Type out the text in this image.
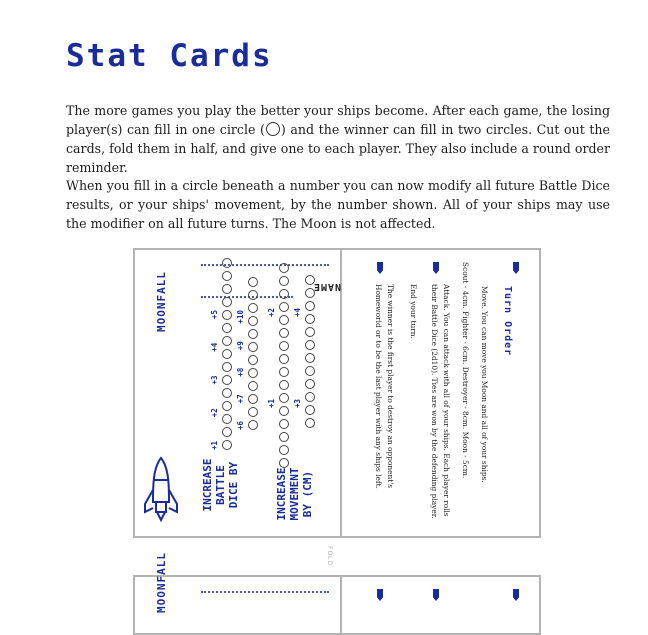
Stat Cards

The more games you play the better your ships become. After each game, the losing player(s) can fill in one circle ( ) and the winner can fill in two circles. Cut out the cards, fold them in half, and give one to each player. They also include a round order reminder.

When you fill in a circle beneath a number you can now modify all future Battle Dice results, or your ships' movement, by the number shown. All of your ships may use the modifier on all future turns. The Moon is not affected.

MOONFALL	NAME
INCREASE BATTLE DICE BY
+1
+2
+3
+4
+5
+6
+7
+8
+9
+10
INCREASE MOVEMENT BY (CM)
+1
+2
+3
+4	Turn Order
Move. You can move you Moon and all of your ships.
Scout - 4cm. Fighter - 6cm. Destroyer - 8cm. Moon - 5cm.
Attack. You can attack with all of your ships. Each player rolls
their Battle Dice (2d10). Ties are won by the defending player.
End your turn.
The winner is the first player to destroy an opponent's
Homeworld or to be the last player with any ships left.
FOLD
MOONFALL
